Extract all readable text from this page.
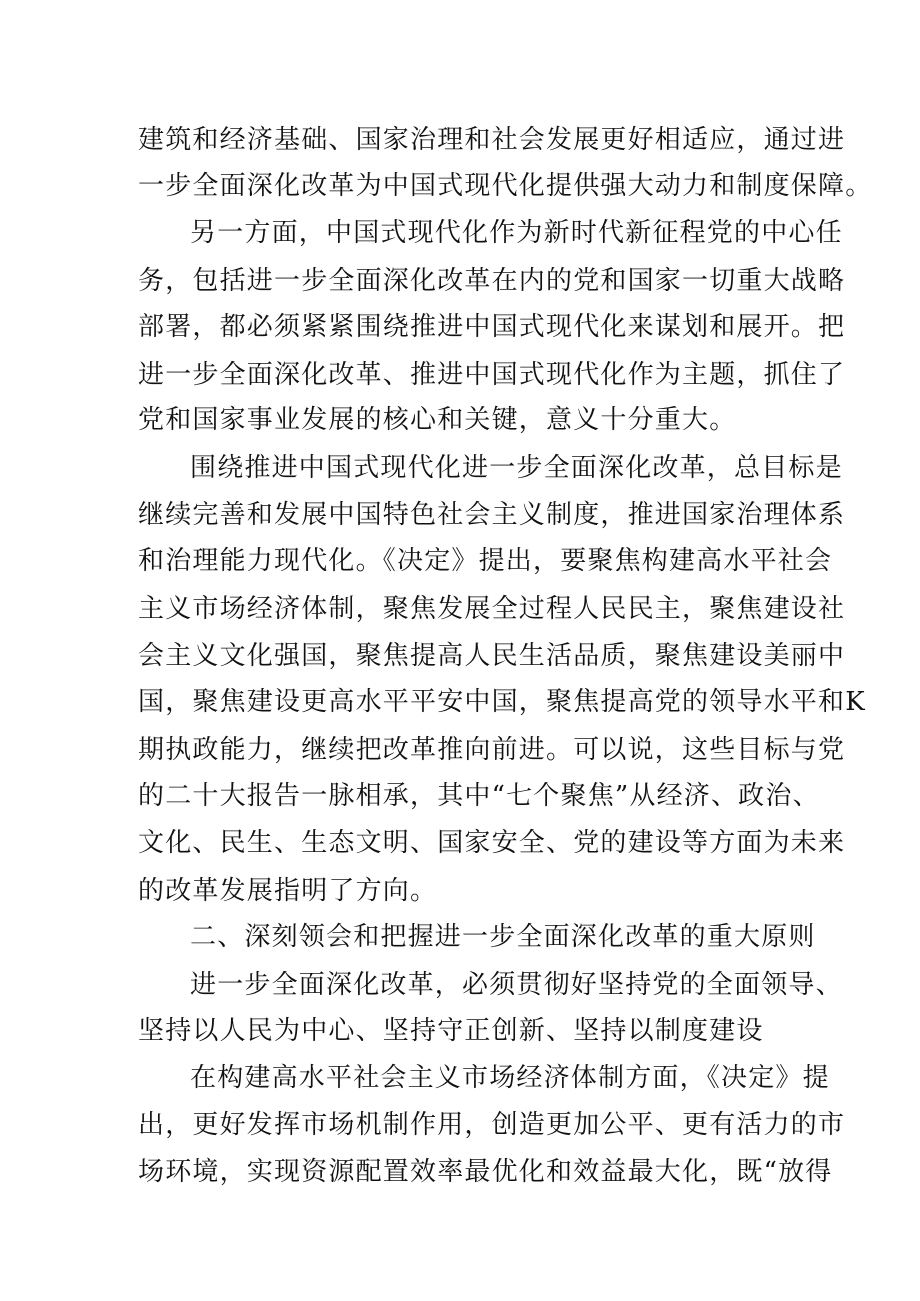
建筑和经济基础、国家治理和社会发展更好相适应，通过进
一步全面深化改革为中国式现代化提供强大动力和制度保障。
另一方面，中国式现代化作为新时代新征程党的中心任
务，包括进一步全面深化改革在内的党和国家一切重大战略
部署，都必须紧紧围绕推进中国式现代化来谋划和展开。把
进一步全面深化改革、推进中国式现代化作为主题，抓住了
党和国家事业发展的核心和关键，意义十分重大。
围绕推进中国式现代化进一步全面深化改革，总目标是
继续完善和发展中国特色社会主义制度，推进国家治理体系
和治理能力现代化。《决定》提出，要聚焦构建高水平社会
主义市场经济体制，聚焦发展全过程人民民主，聚焦建设社
会主义文化强国，聚焦提高人民生活品质，聚焦建设美丽中
国，聚焦建设更高水平平安中国，聚焦提高党的领导水平和K
期执政能力，继续把改革推向前进。可以说，这些目标与党
的二十大报告一脉相承，其中“七个聚焦”从经济、政治、
文化、民生、生态文明、国家安全、党的建设等方面为未来
的改革发展指明了方向。
二、深刻领会和把握进一步全面深化改革的重大原则
进一步全面深化改革，必须贯彻好坚持党的全面领导、
坚持以人民为中心、坚持守正创新、坚持以制度建设
在构建高水平社会主义市场经济体制方面，《决定》提
出，更好发挥市场机制作用，创造更加公平、更有活力的市
场环境，实现资源配置效率最优化和效益最大化，既“放得
